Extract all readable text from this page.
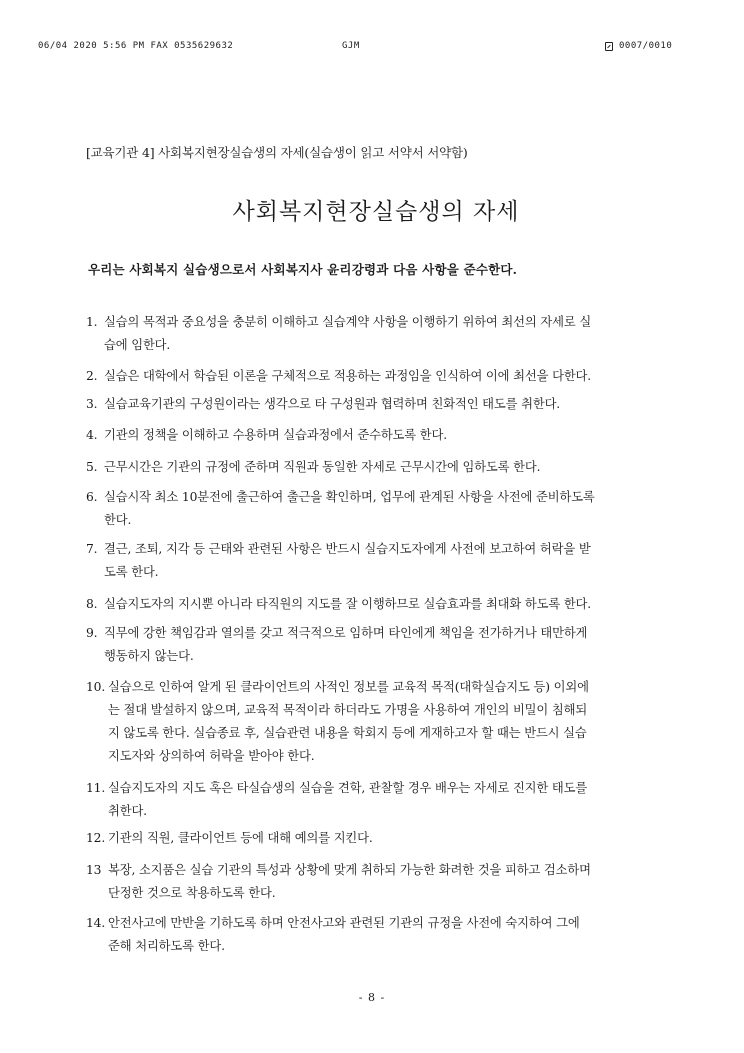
06/04 2020 5:56 PM FAX 0535629632	GJM	0007/0010
[교육기관 4] 사회복지현장실습생의 자세(실습생이 읽고 서약서 서약함)
사회복지현장실습생의 자세
우리는 사회복지 실습생으로서 사회복지사 윤리강령과 다음 사항을 준수한다.
1. 실습의 목적과 중요성을 충분히 이해하고 실습계약 사항을 이행하기 위하여 최선의 자세로 실
습에 임한다.
2. 실습은 대학에서 학습된 이론을 구체적으로 적용하는 과정임을 인식하여 이에 최선을 다한다.
3. 실습교육기관의 구성원이라는 생각으로 타 구성원과 협력하며 친화적인 태도를 취한다.
4. 기관의 정책을 이해하고 수용하며 실습과정에서 준수하도록 한다.
5. 근무시간은 기관의 규정에 준하며 직원과 동일한 자세로 근무시간에 임하도록 한다.
6. 실습시작 최소 10분전에 출근하여 출근을 확인하며, 업무에 관계된 사항을 사전에 준비하도록
한다.
7. 결근, 조퇴, 지각 등 근태와 관련된 사항은 반드시 실습지도자에게 사전에 보고하여 허락을 받
도록 한다.
8. 실습지도자의 지시뿐 아니라 타직원의 지도를 잘 이행하므로 실습효과를 최대화 하도록 한다.
9. 직무에 강한 책임감과 열의를 갖고 적극적으로 임하며 타인에게 책임을 전가하거나 태만하게
행동하지 않는다.
10. 실습으로 인하여 알게 된 클라이언트의 사적인 정보를 교육적 목적(대학실습지도 등) 이외에
는 절대 발설하지 않으며, 교육적 목적이라 하더라도 가명을 사용하여 개인의 비밀이 침해되
지 않도록 한다. 실습종료 후, 실습관련 내용을 학회지 등에 게재하고자 할 때는 반드시 실습
지도자와 상의하여 허락을 받아야 한다.
11. 실습지도자의 지도 혹은 타실습생의 실습을 견학, 관찰할 경우 배우는 자세로 진지한 태도를
취한다.
12. 기관의 직원, 클라이언트 등에 대해 예의를 지킨다.
13 복장, 소지품은 실습 기관의 특성과 상황에 맞게 취하되 가능한 화려한 것을 피하고 검소하며
단정한 것으로 착용하도록 한다.
14. 안전사고에 만반을 기하도록 하며 안전사고와 관련된 기관의 규정을 사전에 숙지하여 그에
준해 처리하도록 한다.
- 8 -
